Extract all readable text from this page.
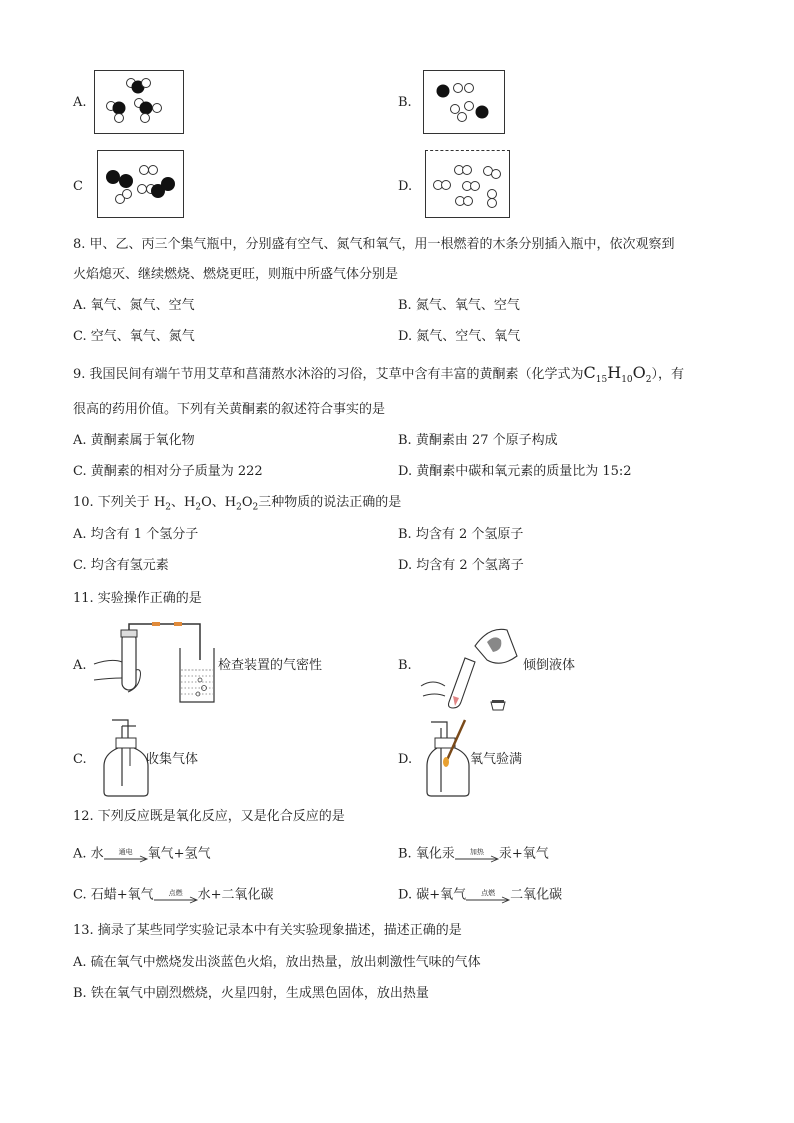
A.	B.
C	D.
8. 甲、乙、丙三个集气瓶中，分别盛有空气、氮气和氧气，用一根燃着的木条分别插入瓶中，依次观察到
火焰熄灭、继续燃烧、燃烧更旺，则瓶中所盛气体分别是
A. 氧气、氮气、空气	B. 氮气、氧气、空气
C. 空气、氧气、氮气	D. 氮气、空气、氧气
9. 我国民间有端午节用艾草和菖蒲熬水沐浴的习俗，艾草中含有丰富的黄酮素（化学式为$C_{15}H_{10}O_2$），有
很高的药用价值。下列有关黄酮素的叙述符合事实的是
A. 黄酮素属于氧化物	B. 黄酮素由 27 个原子构成
C. 黄酮素的相对分子质量为 222	D. 黄酮素中碳和氧元素的质量比为 15:2
10. 下列关于 $H_2$、$H_2O$、$H_2O_2$三种物质的说法正确的是
A. 均含有 1 个氢分子	B. 均含有 2 个氢原子
C. 均含有氢元素	D. 均含有 2 个氢离子
11. 实验操作正确的是
A.	检查装置的气密性	B.	倾倒液体
C.	收集气体	D.	氧气验满
12. 下列反应既是氧化反应，又是化合反应的是
A. 水	通电	氧气+氢气	B. 氧化汞	加热	汞+氧气
C. 石蜡+氧气	点燃	水+二氧化碳	D. 碳+氧气	点燃	二氧化碳
13. 摘录了某些同学实验记录本中有关实验现象描述，描述正确的是
A. 硫在氧气中燃烧发出淡蓝色火焰，放出热量，放出刺激性气味的气体
B. 铁在氧气中剧烈燃烧，火星四射，生成黑色固体，放出热量
